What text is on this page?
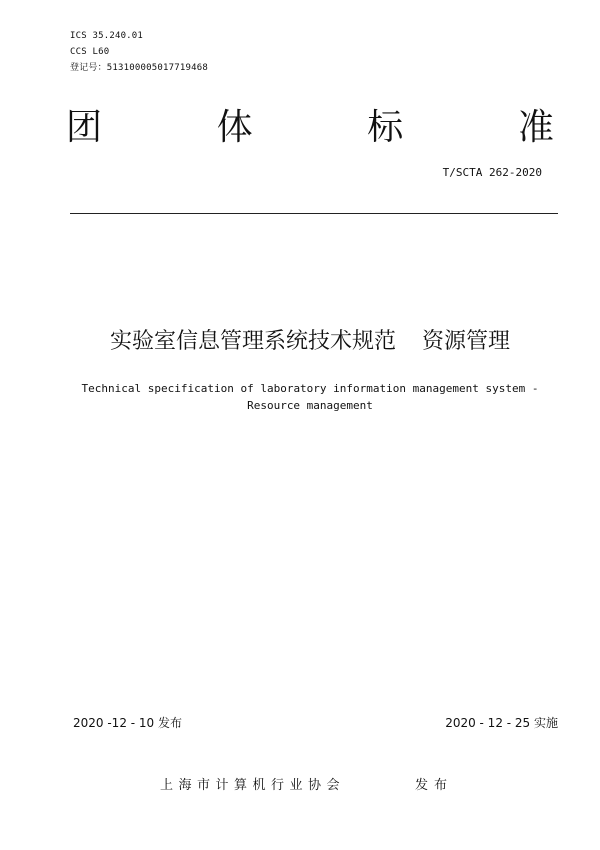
ICS 35.240.01
CCS L60
登记号：513100005017719468
团	体	标	准
T/SCTA 262-2020
实验室信息管理系统技术规范 资源管理
Technical specification of laboratory information management system -
Resource management
2020 -12 - 10 发布	2020 - 12 - 25 实施
上海市计算机行业协会	发布
